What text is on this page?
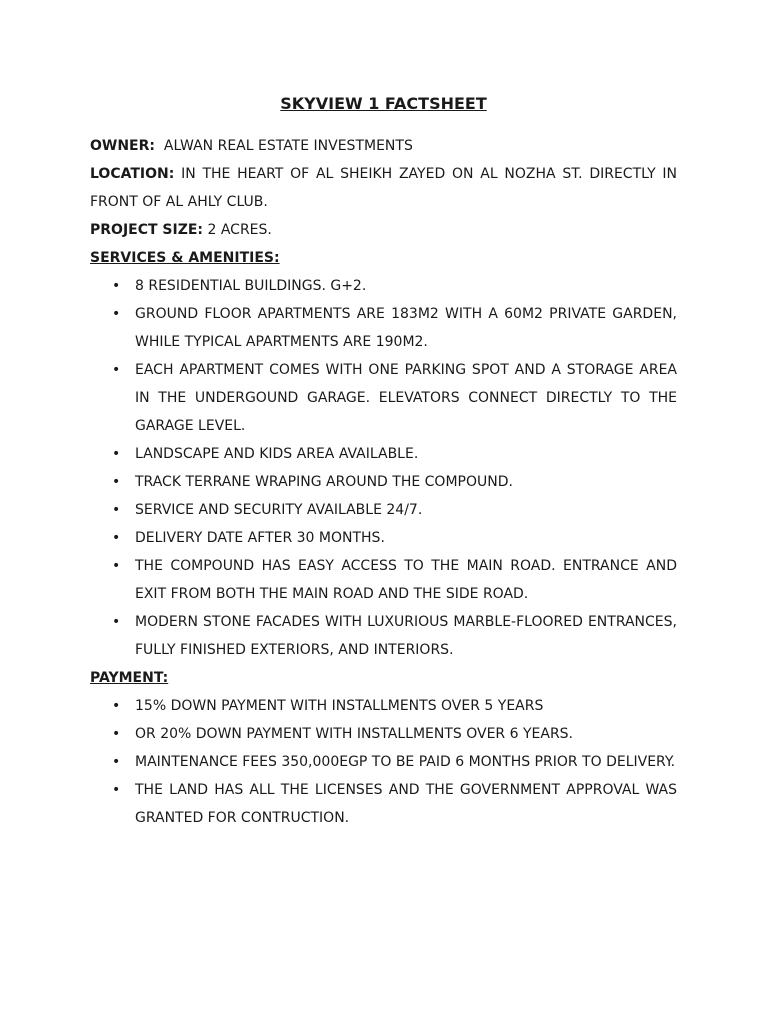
SKYVIEW 1 FACTSHEET

OWNER: ALWAN REAL ESTATE INVESTMENTS

LOCATION: IN THE HEART OF AL SHEIKH ZAYED ON AL NOZHA ST. DIRECTLY IN FRONT OF AL AHLY CLUB.

PROJECT SIZE: 2 ACRES.

SERVICES & AMENITIES:

• 8 RESIDENTIAL BUILDINGS. G+2.
• GROUND FLOOR APARTMENTS ARE 183M2 WITH A 60M2 PRIVATE GARDEN, WHILE TYPICAL APARTMENTS ARE 190M2.
• EACH APARTMENT COMES WITH ONE PARKING SPOT AND A STORAGE AREA IN THE UNDERGOUND GARAGE. ELEVATORS CONNECT DIRECTLY TO THE GARAGE LEVEL.
• LANDSCAPE AND KIDS AREA AVAILABLE.
• TRACK TERRANE WRAPING AROUND THE COMPOUND.
• SERVICE AND SECURITY AVAILABLE 24/7.
• DELIVERY DATE AFTER 30 MONTHS.
• THE COMPOUND HAS EASY ACCESS TO THE MAIN ROAD. ENTRANCE AND EXIT FROM BOTH THE MAIN ROAD AND THE SIDE ROAD.
• MODERN STONE FACADES WITH LUXURIOUS MARBLE-FLOORED ENTRANCES, FULLY FINISHED EXTERIORS, AND INTERIORS.

PAYMENT:

• 15% DOWN PAYMENT WITH INSTALLMENTS OVER 5 YEARS
• OR 20% DOWN PAYMENT WITH INSTALLMENTS OVER 6 YEARS.
• MAINTENANCE FEES 350,000EGP TO BE PAID 6 MONTHS PRIOR TO DELIVERY.
• THE LAND HAS ALL THE LICENSES AND THE GOVERNMENT APPROVAL WAS GRANTED FOR CONTRUCTION.
